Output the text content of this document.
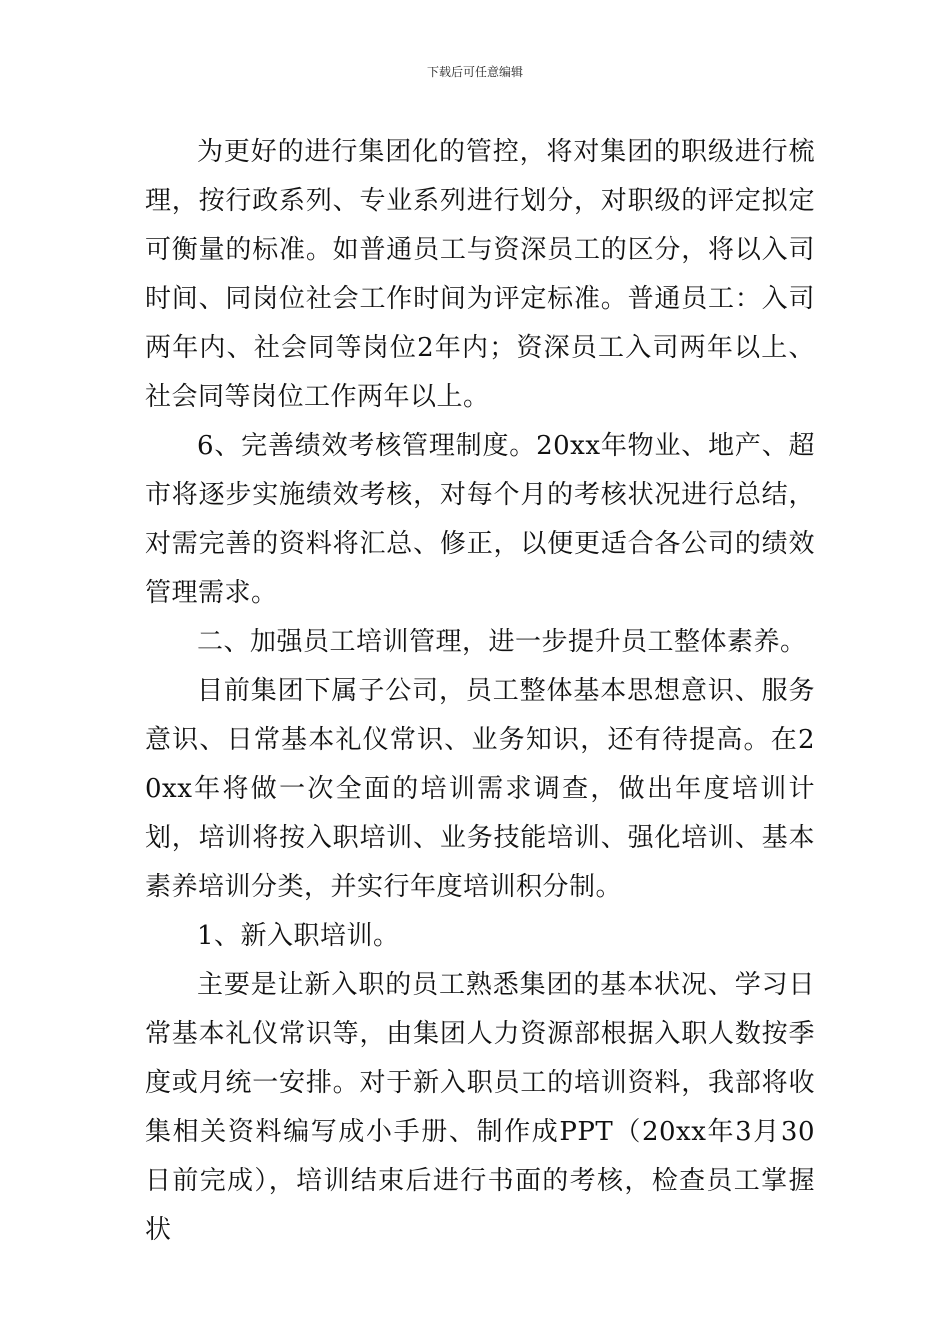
下载后可任意编辑

为更好的进行集团化的管控，将对集团的职级进行梳理，按行政系列、专业系列进行划分，对职级的评定拟定可衡量的标准。如普通员工与资深员工的区分，将以入司时间、同岗位社会工作时间为评定标准。普通员工：入司两年内、社会同等岗位2年内；资深员工入司两年以上、社会同等岗位工作两年以上。

6、完善绩效考核管理制度。20xx年物业、地产、超市将逐步实施绩效考核，对每个月的考核状况进行总结，对需完善的资料将汇总、修正，以便更适合各公司的绩效管理需求。

二、加强员工培训管理，进一步提升员工整体素养。

目前集团下属子公司，员工整体基本思想意识、服务意识、日常基本礼仪常识、业务知识，还有待提高。在20xx年将做一次全面的培训需求调查，做出年度培训计划，培训将按入职培训、业务技能培训、强化培训、基本素养培训分类，并实行年度培训积分制。

1、新入职培训。

主要是让新入职的员工熟悉集团的基本状况、学习日常基本礼仪常识等，由集团人力资源部根据入职人数按季度或月统一安排。对于新入职员工的培训资料，我部将收集相关资料编写成小手册、制作成PPT（20xx年3月30日前完成），培训结束后进行书面的考核，检查员工掌握状
